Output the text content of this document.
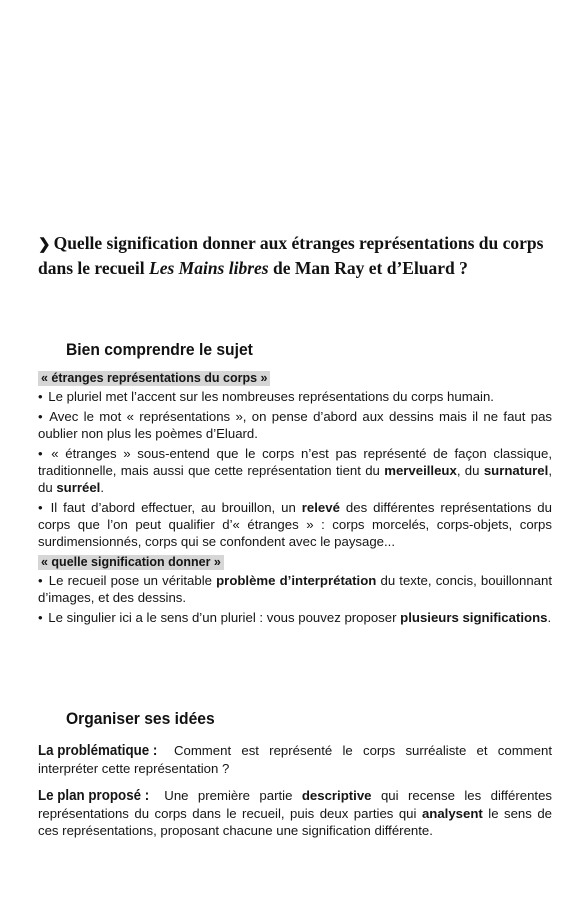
❯ Quelle signification donner aux étranges représentations du corps dans le recueil Les Mains libres de Man Ray et d’Eluard ?
Bien comprendre le sujet
« étranges représentations du corps »

• Le pluriel met l’accent sur les nombreuses représentations du corps humain.

• Avec le mot « représentations », on pense d’abord aux dessins mais il ne faut pas oublier non plus les poèmes d’Eluard.

• « étranges » sous-entend que le corps n’est pas représenté de façon classique, traditionnelle, mais aussi que cette représentation tient du merveilleux, du surnaturel, du surréel.

• Il faut d’abord effectuer, au brouillon, un relevé des différentes représentations du corps que l’on peut qualifier d’« étranges » : corps morcelés, corps-objets, corps surdimensionnés, corps qui se confondent avec le paysage...

« quelle signification donner »

• Le recueil pose un véritable problème d’interprétation du texte, concis, bouillonnant d’images, et des dessins.

• Le singulier ici a le sens d’un pluriel : vous pouvez proposer plusieurs significations.

Organiser ses idées

La problématique : Comment est représenté le corps surréaliste et comment interpréter cette représentation ?

Le plan proposé : Une première partie descriptive qui recense les différentes représentations du corps dans le recueil, puis deux parties qui analysent le sens de ces représentations, proposant chacune une signification différente.
